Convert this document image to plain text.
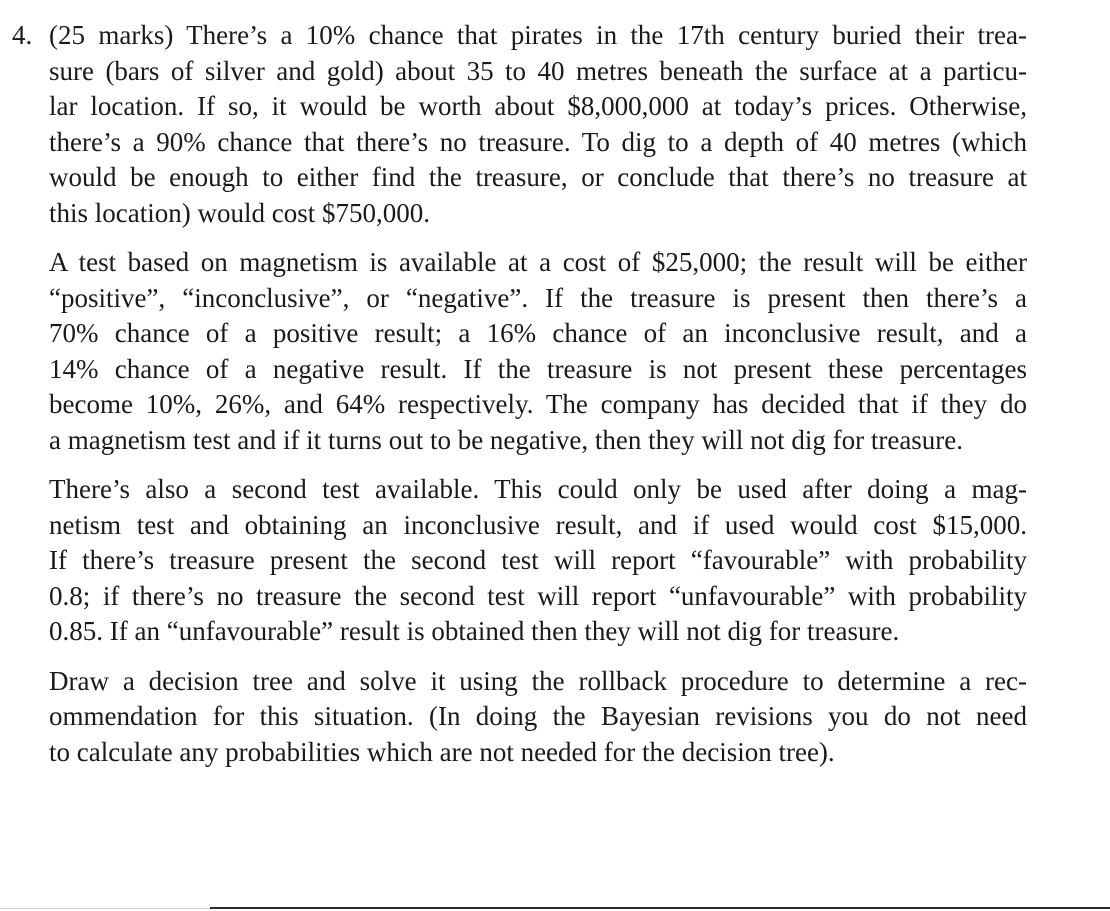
4. (25 marks) There’s a 10% chance that pirates in the 17th century buried their trea-
sure (bars of silver and gold) about 35 to 40 metres beneath the surface at a particu-
lar location. If so, it would be worth about $8,000,000 at today’s prices. Otherwise,
there’s a 90% chance that there’s no treasure. To dig to a depth of 40 metres (which
would be enough to either find the treasure, or conclude that there’s no treasure at
this location) would cost $750,000.

A test based on magnetism is available at a cost of $25,000; the result will be either
“positive”, “inconclusive”, or “negative”. If the treasure is present then there’s a
70% chance of a positive result; a 16% chance of an inconclusive result, and a
14% chance of a negative result. If the treasure is not present these percentages
become 10%, 26%, and 64% respectively. The company has decided that if they do
a magnetism test and if it turns out to be negative, then they will not dig for treasure.

There’s also a second test available. This could only be used after doing a mag-
netism test and obtaining an inconclusive result, and if used would cost $15,000.
If there’s treasure present the second test will report “favourable” with probability
0.8; if there’s no treasure the second test will report “unfavourable” with probability
0.85. If an “unfavourable” result is obtained then they will not dig for treasure.

Draw a decision tree and solve it using the rollback procedure to determine a rec-
ommendation for this situation. (In doing the Bayesian revisions you do not need
to calculate any probabilities which are not needed for the decision tree).
